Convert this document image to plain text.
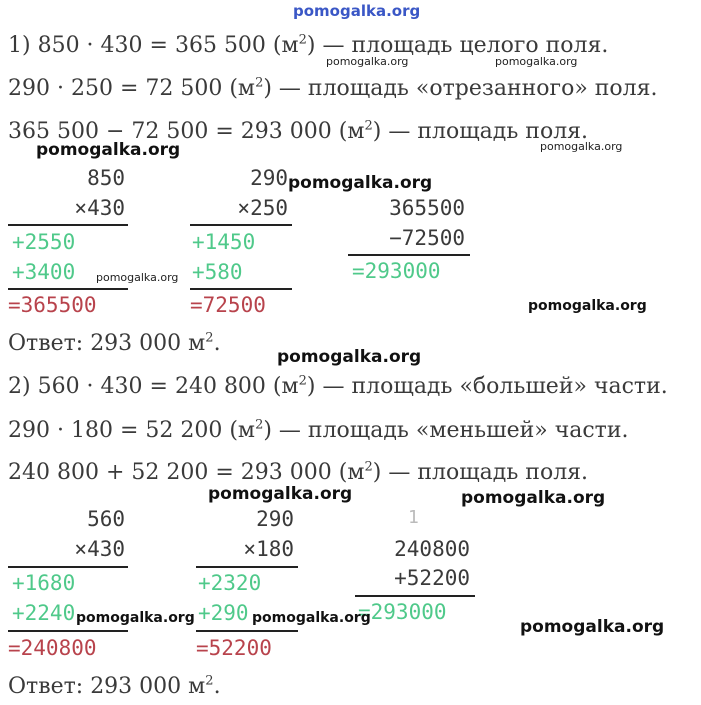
pomogalka.org
1) 850 · 430 = 365 500 $(м^2)$ — площадь целого поля.
290 · 250 = 72 500 $(м^2)$ — площадь «отрезанного» поля.
365 500 − 72 500 = 293 000 $(м^2)$ — площадь поля.
850
×430
+2550
+3400
=365500
290
×250
+1450
+580
=72500
365500
−72500
=293000
Ответ: 293 000 $м^2$.
2) 560 · 430 = 240 800 $(м^2)$ — площадь «большей» части.
290 · 180 = 52 200 $(м^2)$ — площадь «меньшей» части.
240 800 + 52 200 = 293 000 $(м^2)$ — площадь поля.
560
×430
+1680
+2240
=240800
290
×180
+2320
+290
=52200
1
240800
+52200
=293000
Ответ: 293 000 $м^2$.
pomogalka.org	pomogalka.org
pomogalka.org	pomogalka.org
pomogalka.org
pomogalka.org
pomogalka.org
pomogalka.org
pomogalka.org	pomogalka.org
pomogalka.org	pomogalka.org	pomogalka.org
